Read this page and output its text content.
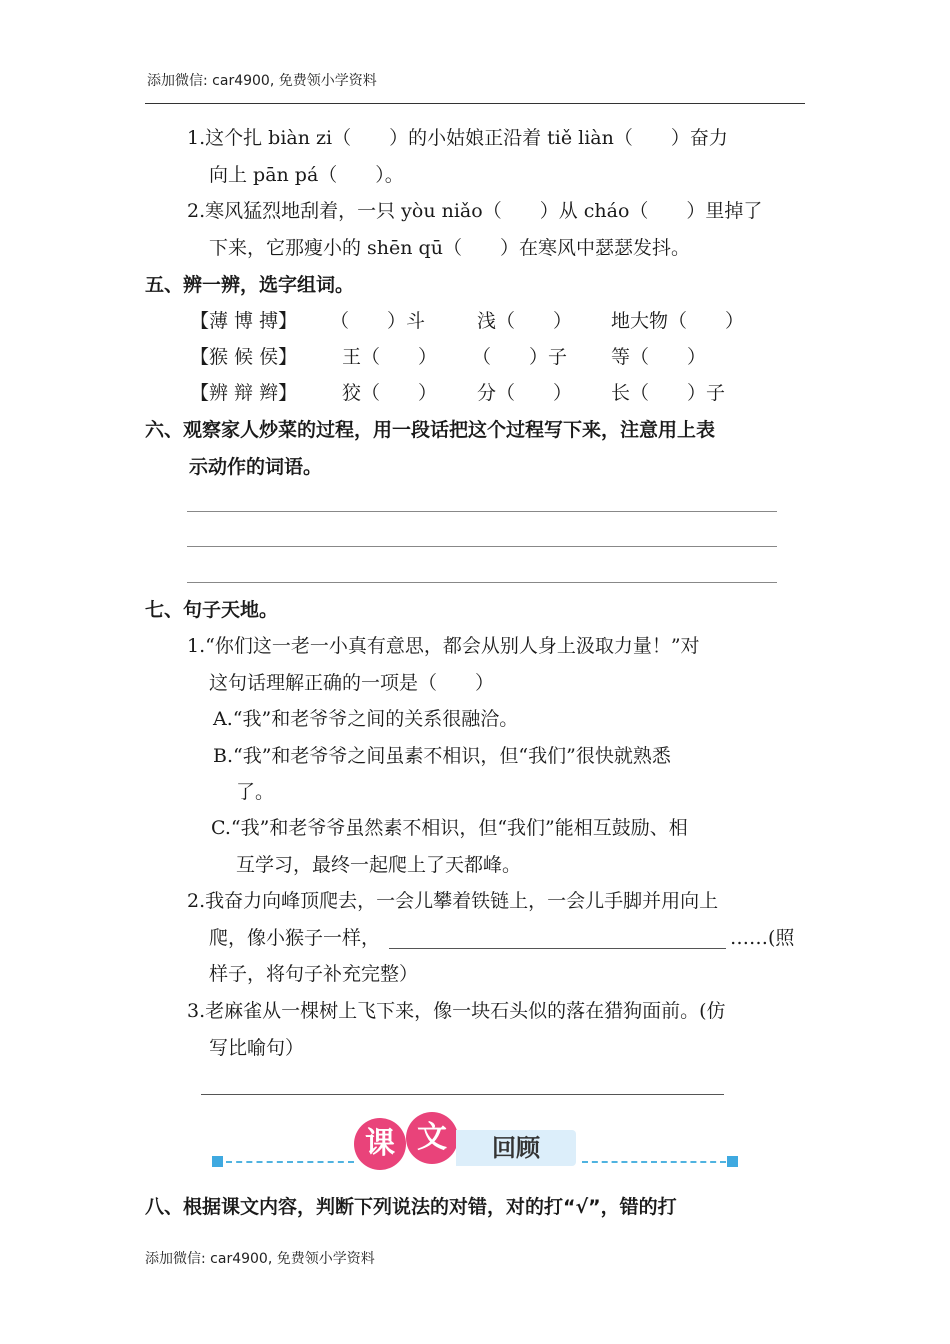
添加微信: car4900, 免费领小学资料
1.这个扎 biàn zi（　　）的小姑娘正沿着 tiě liàn（　　）奋力
向上 pān pá（　　）。
2.寒风猛烈地刮着，一只 yòu niǎo（　　）从 cháo（　　）里掉了
下来，它那瘦小的 shēn qū（　　）在寒风中瑟瑟发抖。
五、辨一辨，选字组词。
【薄 博 搏】 （　　）斗	浅（　　） 地大物（　　）
【猴 候 侯】 王（　　） （　　）子 等（　　）
【辨 辩 辫】 狡（　　） 分（　　） 长（　　）子
六、观察家人炒菜的过程，用一段话把这个过程写下来，注意用上表
示动作的词语。
七、句子天地。
1.“你们这一老一小真有意思，都会从别人身上汲取力量！”对
这句话理解正确的一项是（　　）
A.“我”和老爷爷之间的关系很融洽。
B.“我”和老爷爷之间虽素不相识，但“我们”很快就熟悉
了。
C.“我”和老爷爷虽然素不相识，但“我们”能相互鼓励、相
互学习，最终一起爬上了天都峰。
2.我奋力向峰顶爬去，一会儿攀着铁链上，一会儿手脚并用向上
爬，像小猴子一样，	……(照
样子，将句子补充完整）
3.老麻雀从一棵树上飞下来，像一块石头似的落在猎狗面前。(仿
写比喻句）
课 文	回顾
八、根据课文内容，判断下列说法的对错，对的打“√”，错的打
添加微信: car4900, 免费领小学资料
